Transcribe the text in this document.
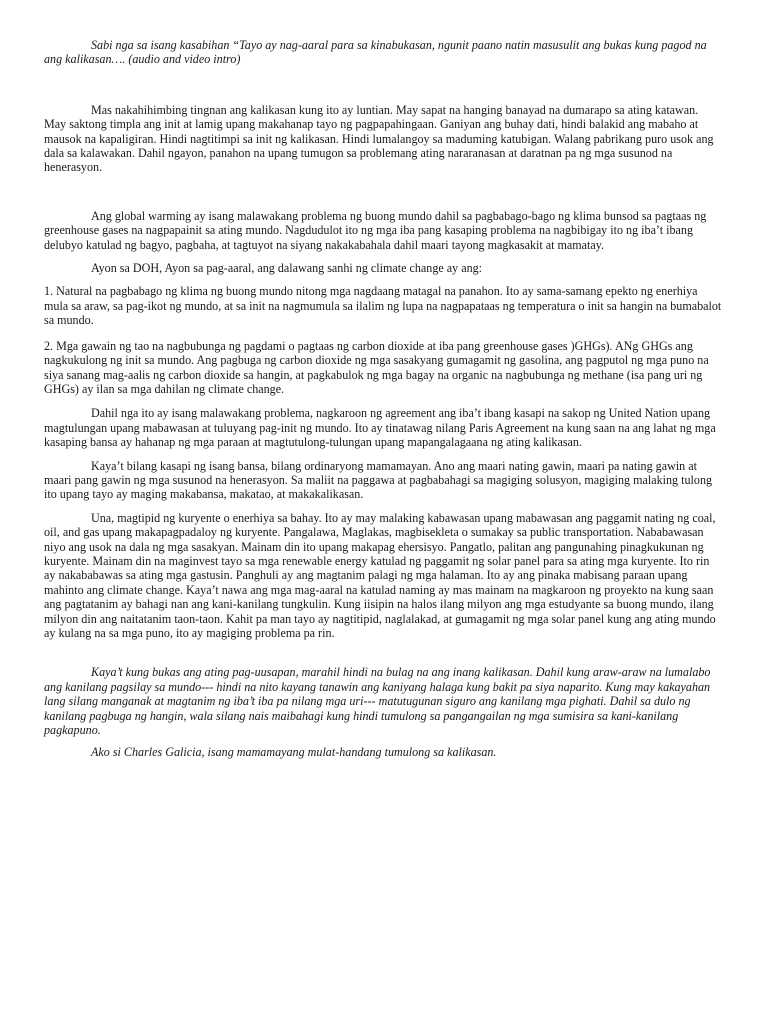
Sabi nga sa isang kasabihan “Tayo ay nag-aaral para sa kinabukasan, ngunit paano natin masusulit ang bukas kung pagod na ang kalikasan…. (audio and video intro)

Mas nakahihimbing tingnan ang kalikasan kung ito ay luntian. May sapat na hanging banayad na dumarapo sa ating katawan. May saktong timpla ang init at lamig upang makahanap tayo ng pagpapahingaan. Ganiyan ang buhay dati, hindi balakid ang mabaho at mausok na kapaligiran. Hindi nagtitimpi sa init ng kalikasan. Hindi lumalangoy sa maduming katubigan. Walang pabrikang puro usok ang dala sa kalawakan. Dahil ngayon, panahon na upang tumugon sa problemang ating nararanasan at daratnan pa ng mga susunod na henerasyon.

Ang global warming ay isang malawakang problema ng buong mundo dahil sa pagbabago-bago ng klima bunsod sa pagtaas ng greenhouse gases na nagpapainit sa ating mundo. Nagdudulot ito ng mga iba pang kasaping problema na nagbibigay ito ng iba’t ibang delubyo katulad ng bagyo, pagbaha, at tagtuyot na siyang nakakabahala dahil maari tayong magkasakit at mamatay.

Ayon sa DOH, Ayon sa pag-aaral, ang dalawang sanhi ng climate change ay ang:

1. Natural na pagbabago ng klima ng buong mundo nitong mga nagdaang matagal na panahon. Ito ay sama-samang epekto ng enerhiya mula sa araw, sa pag-ikot ng mundo, at sa init na nagmumula sa ilalim ng lupa na nagpapataas ng temperatura o init sa hangin na bumabalot sa mundo.

2. Mga gawain ng tao na nagbubunga ng pagdami o pagtaas ng carbon dioxide at iba pang greenhouse gases )GHGs). ANg GHGs ang nagkukulong ng init sa mundo. Ang pagbuga ng carbon dioxide ng mga sasakyang gumagamit ng gasolina, ang pagputol ng mga puno na siya sanang mag-aalis ng carbon dioxide sa hangin, at pagkabulok ng mga bagay na organic na nagbubunga ng methane (isa pang uri ng GHGs) ay ilan sa mga dahilan ng climate change.

Dahil nga ito ay isang malawakang problema, nagkaroon ng agreement ang iba’t ibang kasapi na sakop ng United Nation upang magtulungan upang mabawasan at tuluyang pag-init ng mundo. Ito ay tinatawag nilang Paris Agreement na kung saan na ang lahat ng mga kasaping bansa ay hahanap ng mga paraan at magtutulong-tulungan upang mapangalagaana ng ating kalikasan.

Kaya’t bilang kasapi ng isang bansa, bilang ordinaryong mamamayan. Ano ang maari nating gawin, maari pa nating gawin at maari pang gawin ng mga susunod na henerasyon. Sa maliit na paggawa at pagbabahagi sa magiging solusyon, magiging malaking tulong ito upang tayo ay maging makabansa, makatao, at makakalikasan.

Una, magtipid ng kuryente o enerhiya sa bahay. Ito ay may malaking kabawasan upang mabawasan ang paggamit nating ng coal, oil, and gas upang makapagpadaloy ng kuryente. Pangalawa, Maglakas, magbisekleta o sumakay sa public transportation. Nababawasan niyo ang usok na dala ng mga sasakyan. Mainam din ito upang makapag ehersisyo. Pangatlo, palitan ang pangunahing pinagkukunan ng kuryente. Mainam din na maginvest tayo sa mga renewable energy katulad ng paggamit ng solar panel para sa ating mga kuryente. Ito rin ay nakababawas sa ating mga gastusin. Panghuli ay ang magtanim palagi ng mga halaman. Ito ay ang pinaka mabisang paraan upang mahinto ang climate change. Kaya’t nawa ang mga mag-aaral na katulad naming ay mas mainam na magkaroon ng proyekto na kung saan ang pagtatanim ay bahagi nan ang kani-kanilang tungkulin. Kung iisipin na halos ilang milyon ang mga estudyante sa buong mundo, ilang milyon din ang naitatanim taon-taon. Kahit pa man tayo ay nagtitipid, naglalakad, at gumagamit ng mga solar panel kung ang ating mundo ay kulang na sa mga puno, ito ay magiging problema pa rin.

Kaya’t kung bukas ang ating pag-uusapan, marahil hindi na bulag na ang inang kalikasan. Dahil kung araw-araw na lumalabo ang kanilang pagsilay sa mundo--- hindi na nito kayang tanawin ang kaniyang halaga kung bakit pa siya naparito. Kung may kakayahan lang silang manganak at magtanim ng iba’t iba pa nilang mga uri--- matutugunan siguro ang kanilang mga pighati. Dahil sa dulo ng kanilang pagbuga ng hangin, wala silang nais maibahagi kung hindi tumulong sa pangangailan ng mga sumisira sa kani-kanilang pagkapuno.

Ako si Charles Galicia, isang mamamayang mulat-handang tumulong sa kalikasan.
